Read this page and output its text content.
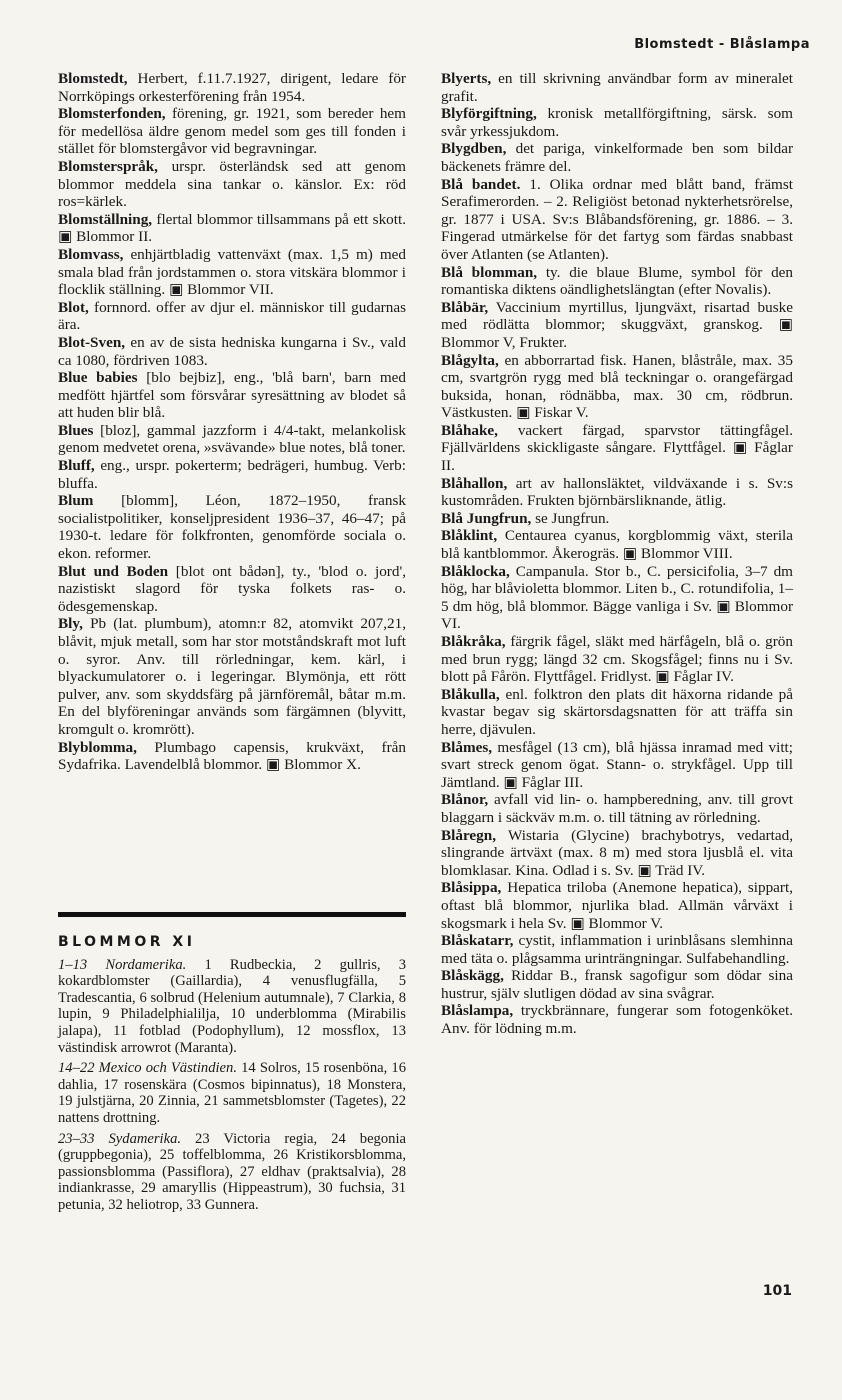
Blomstedt - Blåslampa
Blomstedt, Herbert, f.11.7.1927, dirigent, ledare för Norrköpings orkesterförening från 1954.
Blomsterfonden, förening, gr. 1921, som bereder hem för medellösa äldre genom medel som ges till fonden i stället för blomstergåvor vid begravningar.
Blomsterspråk, urspr. österländsk sed att genom blommor meddela sina tankar o. känslor. Ex: röd ros=kärlek.
Blomställning, flertal blommor tillsammans på ett skott. ▣ Blommor II.
Blomvass, enhjärtbladig vattenväxt (max. 1,5 m) med smala blad från jordstammen o. stora vitskära blommor i flocklik ställning. ▣ Blommor VII.
Blot, fornnord. offer av djur el. människor till gudarnas ära.
Blot-Sven, en av de sista hedniska kungarna i Sv., vald ca 1080, fördriven 1083.
Blue babies [blo bejbiz], eng., 'blå barn', barn med medfött hjärtfel som försvårar syresättning av blodet så att huden blir blå.
Blues [bloz], gammal jazzform i 4/4-takt, melankolisk genom medvetet orena, »svävande» blue notes, blå toner.
Bluff, eng., urspr. pokerterm; bedrägeri, humbug. Verb: bluffa.
Blum [blomm], Léon, 1872–1950, fransk socialistpolitiker, konseljpresident 1936–37, 46–47; på 1930-t. ledare för folkfronten, genomförde sociala o. ekon. reformer.
Blut und Boden [blot ont bådən], ty., 'blod o. jord', nazistiskt slagord för tyska folkets ras- o. ödesgemenskap.
Bly, Pb (lat. plumbum), atomn:r 82, atomvikt 207,21, blåvit, mjuk metall, som har stor motståndskraft mot luft o. syror. Anv. till rörledningar, kem. kärl, i blyackumulatorer o. i legeringar. Blymönja, ett rött pulver, anv. som skyddsfärg på järnföremål, båtar m.m. En del blyföreningar används som färgämnen (blyvitt, kromgult o. kromrött).
Blyblomma, Plumbago capensis, krukväxt, från Sydafrika. Lavendelblå blommor. ▣ Blommor X.
BLOMMOR XI
1–13 Nordamerika. 1 Rudbeckia, 2 gullris, 3 kokardblomster (Gaillardia), 4 venusflugfälla, 5 Tradescantia, 6 solbrud (Helenium autumnale), 7 Clarkia, 8 lupin, 9 Philadelphialilja, 10 underblomma (Mirabilis jalapa), 11 fotblad (Podophyllum), 12 mossflox, 13 västindisk arrowrot (Maranta).
14–22 Mexico och Västindien. 14 Solros, 15 rosenböna, 16 dahlia, 17 rosenskära (Cosmos bipinnatus), 18 Monstera, 19 julstjärna, 20 Zinnia, 21 sammetsblomster (Tagetes), 22 nattens drottning.
23–33 Sydamerika. 23 Victoria regia, 24 begonia (gruppbegonia), 25 toffelblomma, 26 Kristikorsblomma, passionsblomma (Passiflora), 27 eldhav (praktsalvia), 28 indiankrasse, 29 amaryllis (Hippeastrum), 30 fuchsia, 31 petunia, 32 heliotrop, 33 Gunnera.
Blyerts, en till skrivning användbar form av mineralet grafit.
Blyförgiftning, kronisk metallförgiftning, särsk. som svår yrkessjukdom.
Blygdben, det pariga, vinkelformade ben som bildar bäckenets främre del.
Blå bandet. 1. Olika ordnar med blått band, främst Serafimerorden. – 2. Religiöst betonad nykterhetsrörelse, gr. 1877 i USA. Sv:s Blåbandsförening, gr. 1886. – 3. Fingerad utmärkelse för det fartyg som färdas snabbast över Atlanten (se Atlanten).
Blå blomman, ty. die blaue Blume, symbol för den romantiska diktens oändlighetslängtan (efter Novalis).
Blåbär, Vaccinium myrtillus, ljungväxt, risartad buske med rödlätta blommor; skuggväxt, granskog. ▣ Blommor V, Frukter.
Blågylta, en abborrartad fisk. Hanen, blåstråle, max. 35 cm, svartgrön rygg med blå teckningar o. orangefärgad buksida, honan, rödnäbba, max. 30 cm, rödbrun. Västkusten. ▣ Fiskar V.
Blåhake, vackert färgad, sparvstor tättingfågel. Fjällvärldens skickligaste sångare. Flyttfågel. ▣ Fåglar II.
Blåhallon, art av hallonsläktet, vildväxande i s. Sv:s kustområden. Frukten björnbärsliknande, ätlig.
Blå Jungfrun, se Jungfrun.
Blåklint, Centaurea cyanus, korgblommig växt, sterila blå kantblommor. Åkerogräs. ▣ Blommor VIII.
Blåklocka, Campanula. Stor b., C. persicifolia, 3–7 dm hög, har blåvioletta blommor. Liten b., C. rotundifolia, 1–5 dm hög, blå blommor. Bägge vanliga i Sv. ▣ Blommor VI.
Blåkråka, färgrik fågel, släkt med härfågeln, blå o. grön med brun rygg; längd 32 cm. Skogsfågel; finns nu i Sv. blott på Fårön. Flyttfågel. Fridlyst. ▣ Fåglar IV.
Blåkulla, enl. folktron den plats dit häxorna ridande på kvastar begav sig skärtorsdagsnatten för att träffa sin herre, djävulen.
Blåmes, mesfågel (13 cm), blå hjässa inramad med vitt; svart streck genom ögat. Stann- o. strykfågel. Upp till Jämtland. ▣ Fåglar III.
Blånor, avfall vid lin- o. hampberedning, anv. till grovt blaggarn i säckväv m.m. o. till tätning av rörledning.
Blåregn, Wistaria (Glycine) brachybotrys, vedartad, slingrande ärtväxt (max. 8 m) med stora ljusblå el. vita blomklasar. Kina. Odlad i s. Sv. ▣ Träd IV.
Blåsippa, Hepatica triloba (Anemone hepatica), sippart, oftast blå blommor, njurlika blad. Allmän vårväxt i skogsmark i hela Sv. ▣ Blommor V.
Blåskatarr, cystit, inflammation i urinblåsans slemhinna med täta o. plågsamma urinträngningar. Sulfabehandling.
Blåskägg, Riddar B., fransk sagofigur som dödar sina hustrur, själv slutligen dödad av sina svågrar.
Blåslampa, tryckbrännare, fungerar som fotogenköket. Anv. för lödning m.m.
101
